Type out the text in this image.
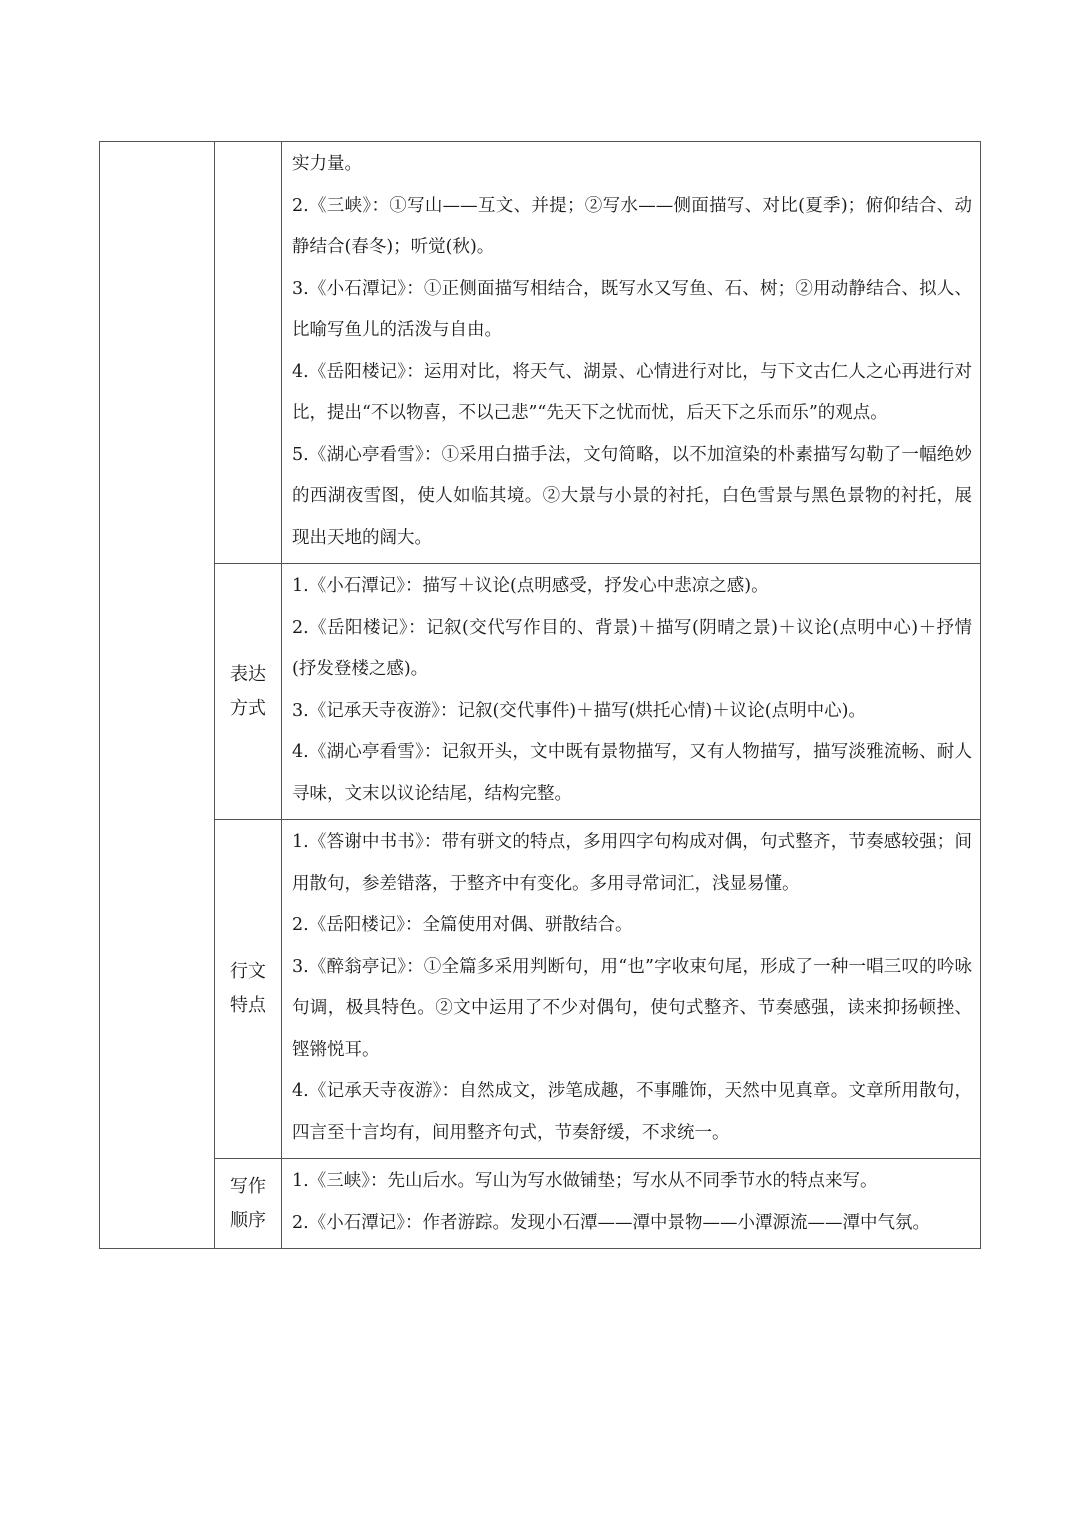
		实力量。

2.《三峡》：①写山——互文、并提；②写水——侧面描写、对比(夏季)；俯仰结合、动静结合(春冬)；听觉(秋)。

3.《小石潭记》：①正侧面描写相结合，既写水又写鱼、石、树；②用动静结合、拟人、比喻写鱼儿的活泼与自由。

4.《岳阳楼记》：运用对比，将天气、湖景、心情进行对比，与下文古仁人之心再进行对比，提出“不以物喜，不以己悲”“先天下之忧而忧，后天下之乐而乐”的观点。

5.《湖心亭看雪》：①采用白描手法，文句简略，以不加渲染的朴素描写勾勒了一幅绝妙的西湖夜雪图，使人如临其境。②大景与小景的衬托，白色雪景与黑色景物的衬托，展现出天地的阔大。

	表达方式	1.《小石潭记》：描写＋议论(点明感受，抒发心中悲凉之感)。

2.《岳阳楼记》：记叙(交代写作目的、背景)＋描写(阴晴之景)＋议论(点明中心)＋抒情(抒发登楼之感)。

3.《记承天寺夜游》：记叙(交代事件)＋描写(烘托心情)＋议论(点明中心)。

4.《湖心亭看雪》：记叙开头，文中既有景物描写，又有人物描写，描写淡雅流畅、耐人寻味，文末以议论结尾，结构完整。

	行文特点	1.《答谢中书书》：带有骈文的特点，多用四字句构成对偶，句式整齐，节奏感较强；间用散句，参差错落，于整齐中有变化。多用寻常词汇，浅显易懂。

2.《岳阳楼记》：全篇使用对偶、骈散结合。

3.《醉翁亭记》：①全篇多采用判断句，用“也”字收束句尾，形成了一种一唱三叹的吟咏句调，极具特色。②文中运用了不少对偶句，使句式整齐、节奏感强，读来抑扬顿挫、铿锵悦耳。

4.《记承天寺夜游》：自然成文，涉笔成趣，不事雕饰，天然中见真章。文章所用散句，四言至十言均有，间用整齐句式，节奏舒缓，不求统一。

	写作顺序	1.《三峡》：先山后水。写山为写水做铺垫；写水从不同季节水的特点来写。

2.《小石潭记》：作者游踪。发现小石潭——潭中景物——小潭源流——潭中气氛。
